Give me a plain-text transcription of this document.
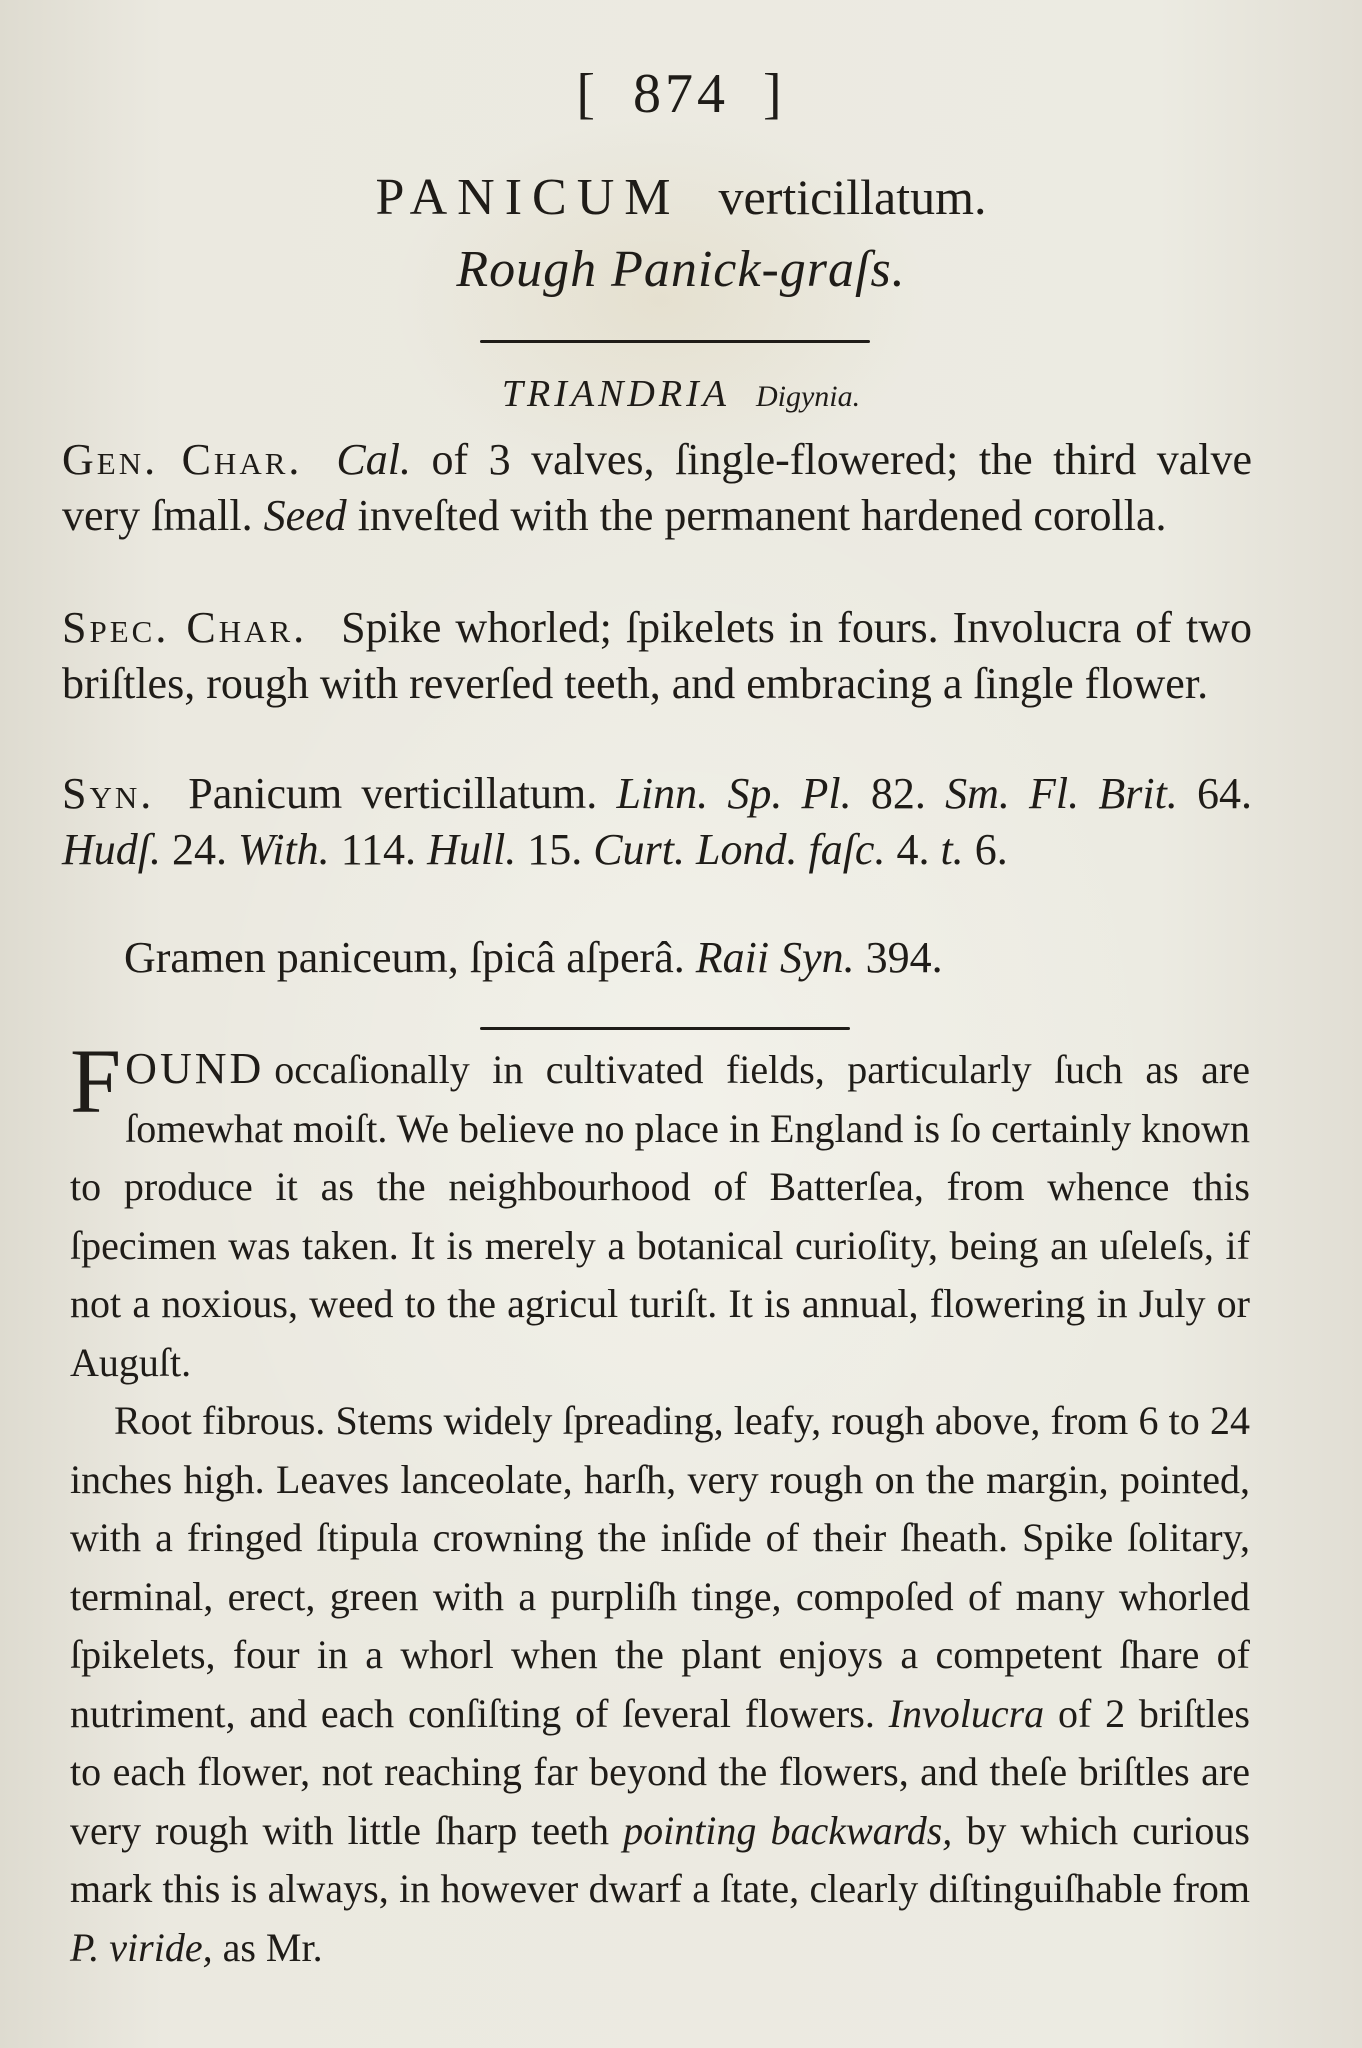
[ 874 ]
PANICUM verticillatum.
Rough Panick-graſs.
TRIANDRIA Digynia.
Gen. Char. Cal. of 3 valves, ſingle-flowered; the third valve very ſmall. Seed inveſted with the permanent hardened corolla.
Spec. Char. Spike whorled; ſpikelets in fours. Involucra of two briſtles, rough with reverſed teeth, and embracing a ſingle flower.
Syn. Panicum verticillatum. Linn. Sp. Pl. 82. Sm. Fl. Brit. 64. Hudſ. 24. With. 114. Hull. 15. Curt. Lond. faſc. 4. t. 6.
Gramen paniceum, ſpicâ aſperâ. Raii Syn. 394.

FOUND occaſionally in cultivated fields, particularly ſuch as are ſomewhat moiſt. We believe no place in England is ſo certainly known to produce it as the neighbourhood of Batterſea, from whence this ſpecimen was taken. It is merely a botanical curioſity, being an uſeleſs, if not a noxious, weed to the agricul turiſt. It is annual, flowering in July or Auguſt.

Root fibrous. Stems widely ſpreading, leafy, rough above, from 6 to 24 inches high. Leaves lanceolate, harſh, very rough on the margin, pointed, with a fringed ſtipula crowning the inſide of their ſheath. Spike ſolitary, terminal, erect, green with a purpliſh tinge, compoſed of many whorled ſpikelets, four in a whorl when the plant enjoys a competent ſhare of nutriment, and each conſiſting of ſeveral flowers. Involucra of 2 briſtles to each flower, not reaching far beyond the flowers, and theſe briſtles are very rough with little ſharp teeth pointing backwards, by which curious mark this is always, in however dwarf a ſtate, clearly diſtinguiſhable from P. viride, as Mr.
